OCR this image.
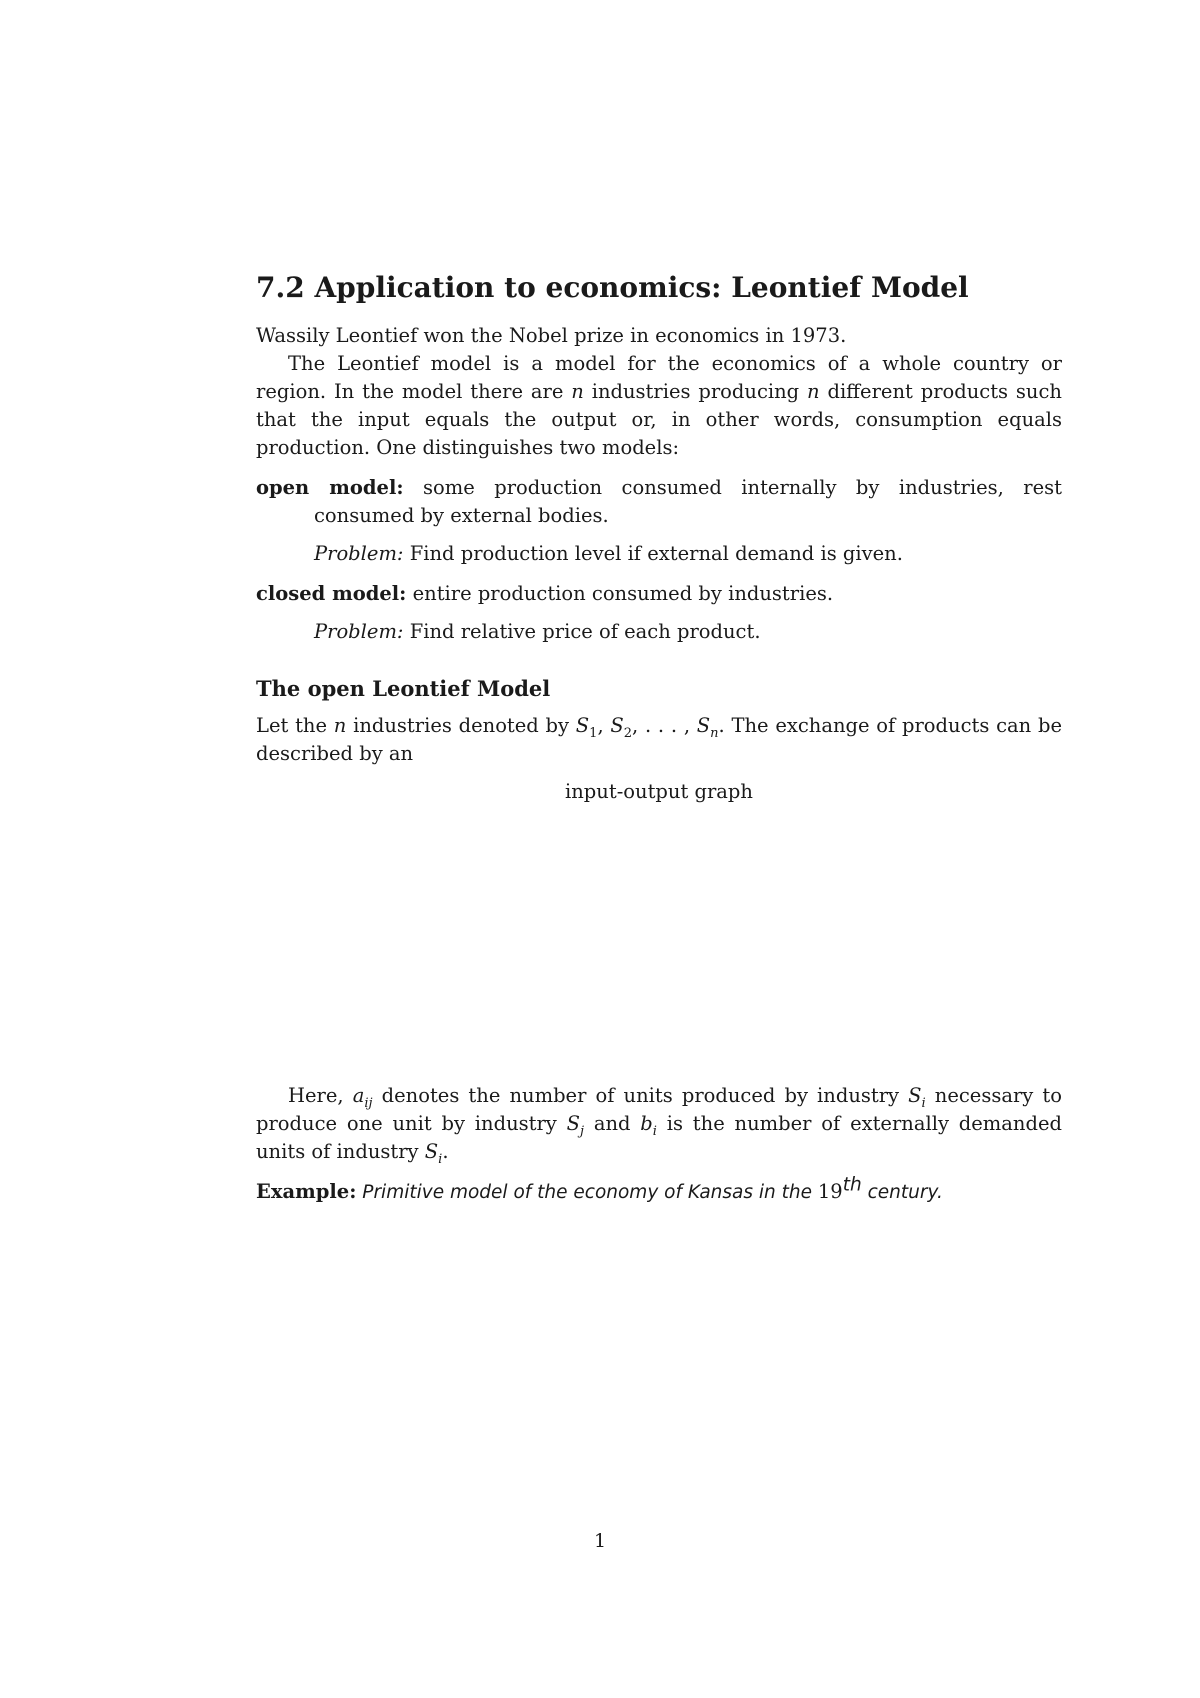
7.2 Application to economics: Leontief Model

Wassily Leontief won the Nobel prize in economics in 1973.

The Leontief model is a model for the economics of a whole country or region. In the model there are n industries producing n different products such that the input equals the output or, in other words, consumption equals production. One distinguishes two models:

open model: some production consumed internally by industries, rest consumed by external bodies.
Problem: Find production level if external demand is given.
closed model: entire production consumed by industries.
Problem: Find relative price of each product.
The open Leontief Model

Let the n industries denoted by $S_1$, $S_2$, . . . , $S_n$. The exchange of products can be described by an

input-output graph

Here, $a_{ij}$ denotes the number of units produced by industry $S_i$ necessary to produce one unit by industry $S_j$ and $b_i$ is the number of externally demanded units of industry $S_i$.

Example: Primitive model of the economy of Kansas in the 19th century.

1
